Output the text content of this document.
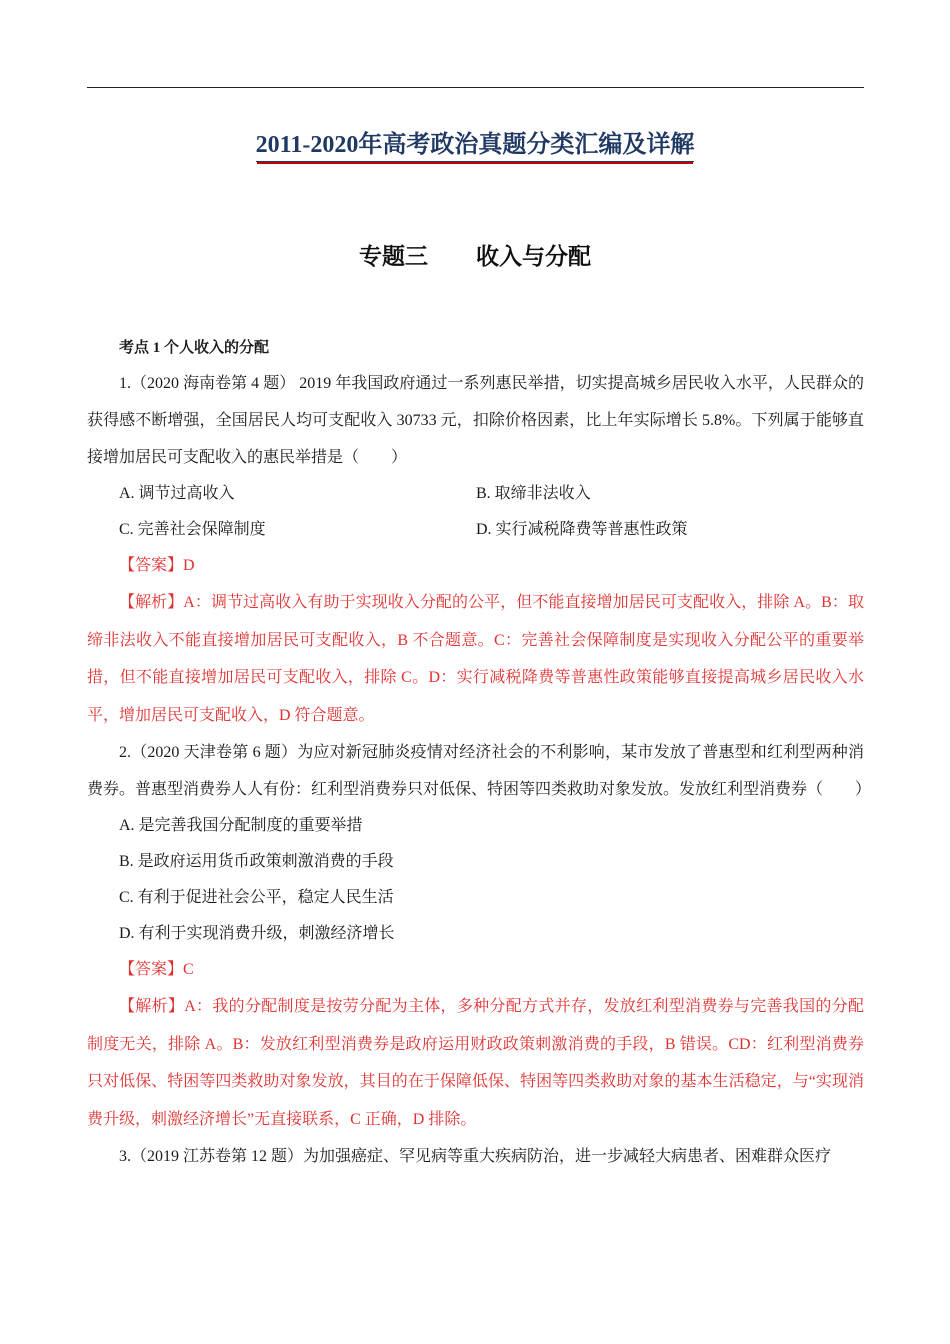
2011-2020年高考政治真题分类汇编及详解
专题三 收入与分配

考点 1 个人收入的分配

1.（2020 海南卷第 4 题） 2019 年我国政府通过一系列惠民举措，切实提高城乡居民收入水平，人民群众的获得感不断增强，全国居民人均可支配收入 30733 元，扣除价格因素，比上年实际增长 5.8%。下列属于能够直接增加居民可支配收入的惠民举措是（　　）

A. 调节过高收入	B. 取缔非法收入
C. 完善社会保障制度	D. 实行减税降费等普惠性政策
【答案】D

【解析】A：调节过高收入有助于实现收入分配的公平，但不能直接增加居民可支配收入，排除 A。B：取缔非法收入不能直接增加居民可支配收入，B 不合题意。C：完善社会保障制度是实现收入分配公平的重要举措，但不能直接增加居民可支配收入，排除 C。D：实行减税降费等普惠性政策能够直接提高城乡居民收入水平，增加居民可支配收入，D 符合题意。

2.（2020 天津卷第 6 题）为应对新冠肺炎疫情对经济社会的不利影响，某市发放了普惠型和红利型两种消费券。普惠型消费券人人有份：红利型消费券只对低保、特困等四类救助对象发放。发放红利型消费券（　　）

A. 是完善我国分配制度的重要举措
B. 是政府运用货币政策刺激消费的手段
C. 有利于促进社会公平，稳定人民生活
D. 有利于实现消费升级，刺激经济增长
【答案】C

【解析】A：我的分配制度是按劳分配为主体，多种分配方式并存，发放红利型消费券与完善我国的分配制度无关，排除 A。B：发放红利型消费券是政府运用财政政策刺激消费的手段，B 错误。CD：红利型消费券只对低保、特困等四类救助对象发放，其目的在于保障低保、特困等四类救助对象的基本生活稳定，与“实现消费升级，刺激经济增长”无直接联系，C 正确，D 排除。

3.（2019 江苏卷第 12 题）为加强癌症、罕见病等重大疾病防治，进一步减轻大病患者、困难群众医疗
